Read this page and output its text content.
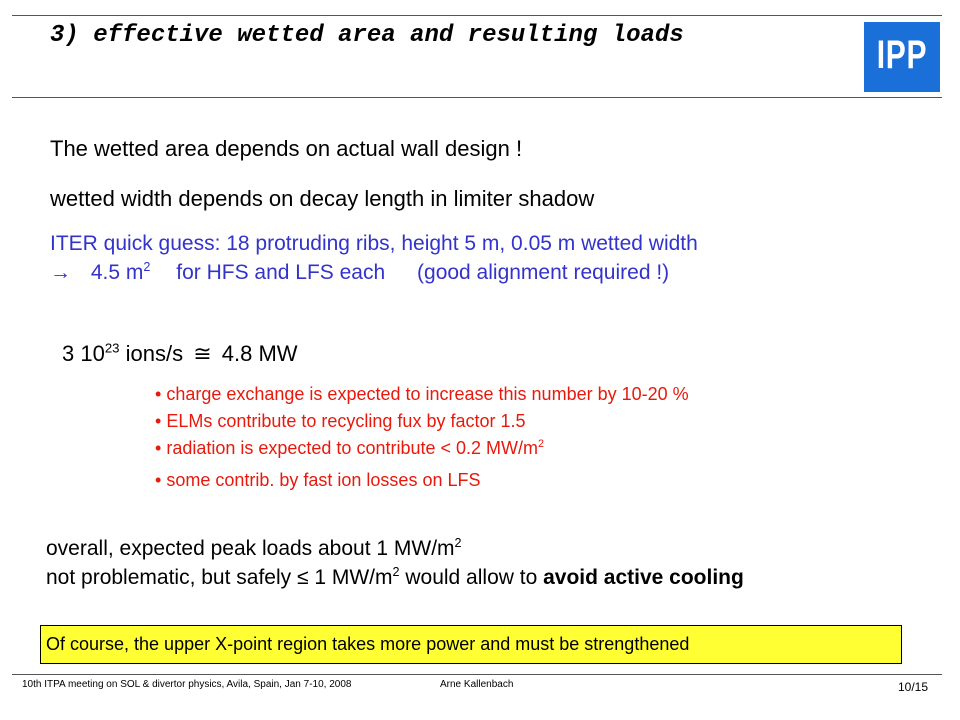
3) effective wetted area and resulting loads	IPP
The wetted area depends on actual wall design !
wetted width depends on decay length in limiter shadow
ITER quick guess: 18 protruding ribs, height 5 m, 0.05 m wetted width
→ 4.5 $m^2$ for HFS and LFS each (good alignment required !)
3 $10^{23}$ ions/s ≅ 4.8 MW
• charge exchange is expected to increase this number by 10-20 %
• ELMs contribute to recycling fux by factor 1.5
• radiation is expected to contribute < 0.2 $MW/m^2$
• some contrib. by fast ion losses on LFS
overall, expected peak loads about 1 $MW/m^2$
not problematic, but safely ≤ 1 $MW/m^2$ would allow to avoid active cooling
Of course, the upper X-point region takes more power and must be strengthened
10th ITPA meeting on SOL & divertor physics, Avila, Spain, Jan 7-10, 2008	Arne Kallenbach	10/15
